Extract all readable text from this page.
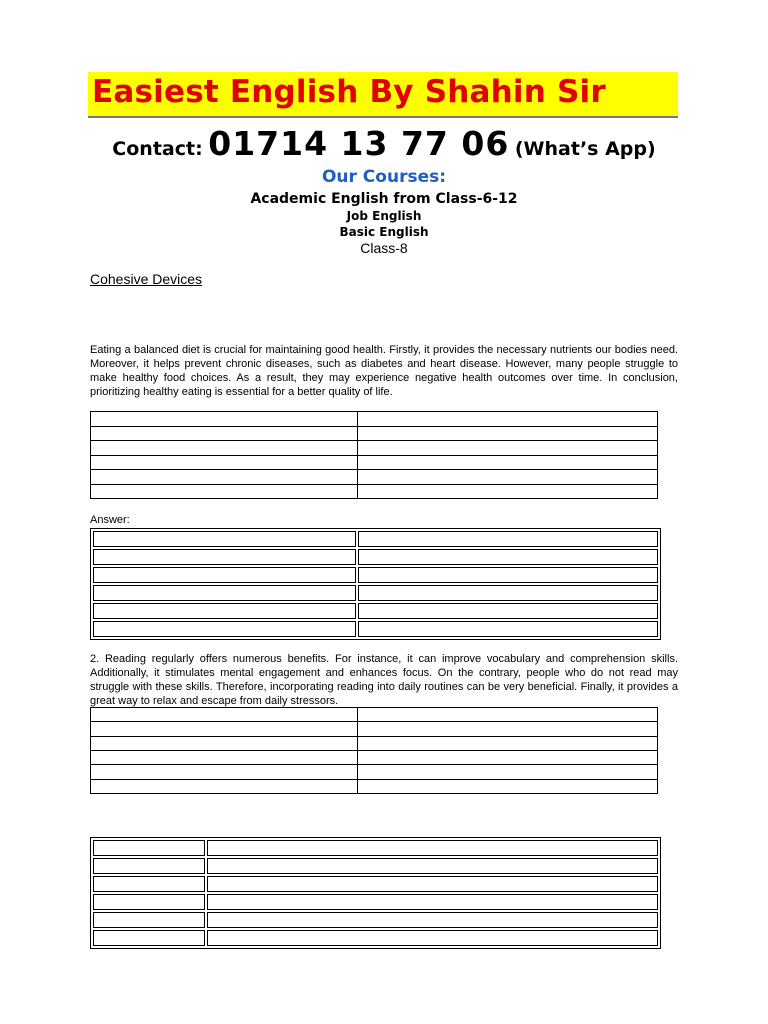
Easiest English By Shahin Sir
Contact: 01714 13 77 06 (What’s App)
Our Courses:
Academic English from Class-6-12
Job English
Basic English
Class-8
Cohesive Devices
Eating a balanced diet is crucial for maintaining good health. Firstly, it provides the necessary nutrients our bodies need. Moreover, it helps prevent chronic diseases, such as diabetes and heart disease. However, many people struggle to make healthy food choices. As a result, they may experience negative health outcomes over time. In conclusion, prioritizing healthy eating is essential for a better quality of life.

Answer:

2. Reading regularly offers numerous benefits. For instance, it can improve vocabulary and comprehension skills. Additionally, it stimulates mental engagement and enhances focus. On the contrary, people who do not read may struggle with these skills. Therefore, incorporating reading into daily routines can be very beneficial. Finally, it provides a great way to relax and escape from daily stressors.
